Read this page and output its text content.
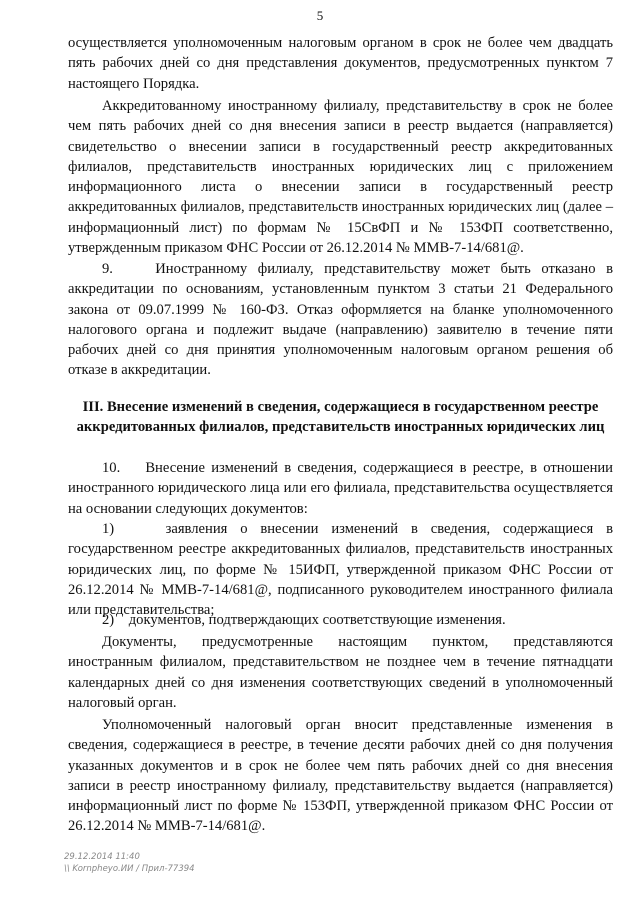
5

осуществляется уполномоченным налоговым органом в срок не более чем двадцать пять рабочих дней со дня представления документов, предусмотренных пунктом 7 настоящего Порядка.

Аккредитованному иностранному филиалу, представительству в срок не более чем пять рабочих дней со дня внесения записи в реестр выдается (направляется) свидетельство о внесении записи в государственный реестр аккредитованных филиалов, представительств иностранных юридических лиц с приложением информационного листа о внесении записи в государственный реестр аккредитованных филиалов, представительств иностранных юридических лиц (далее – информационный лист) по формам № 15СвФП и № 153ФП соответственно, утвержденным приказом ФНС России от 26.12.2014 № ММВ-7-14/681@.

9.    Иностранному филиалу, представительству может быть отказано в аккредитации по основаниям, установленным пунктом 3 статьи 21 Федерального закона от 09.07.1999 № 160-ФЗ. Отказ оформляется на бланке уполномоченного налогового органа и подлежит выдаче (направлению) заявителю в течение пяти рабочих дней со дня принятия уполномоченным налоговым органом решения об отказе в аккредитации.

III. Внесение изменений в сведения, содержащиеся в государственном реестре аккредитованных филиалов, представительств иностранных юридических лиц

10.    Внесение изменений в сведения, содержащиеся в реестре, в отношении иностранного юридического лица или его филиала, представительства осуществляется на основании следующих документов:

1)    заявления о внесении изменений в сведения, содержащиеся в государственном реестре аккредитованных филиалов, представительств иностранных юридических лиц, по форме № 15ИФП, утвержденной приказом ФНС России от 26.12.2014 № ММВ-7-14/681@, подписанного руководителем иностранного филиала или представительства;

2)    документов, подтверждающих соответствующие изменения.

Документы, предусмотренные настоящим пунктом, представляются иностранным филиалом, представительством не позднее чем в течение пятнадцати календарных дней со дня изменения соответствующих сведений в уполномоченный налоговый орган.

Уполномоченный налоговый орган вносит представленные изменения в сведения, содержащиеся в реестре, в течение десяти рабочих дней со дня получения указанных документов и в срок не более чем пять рабочих дней со дня внесения записи в реестр иностранному филиалу, представительству выдается (направляется) информационный лист по форме № 153ФП, утвержденной приказом ФНС России от 26.12.2014 № ММВ-7-14/681@.

29.12.2014 11:40
\\ Kornpheyo.ИИ / Прил-77394
